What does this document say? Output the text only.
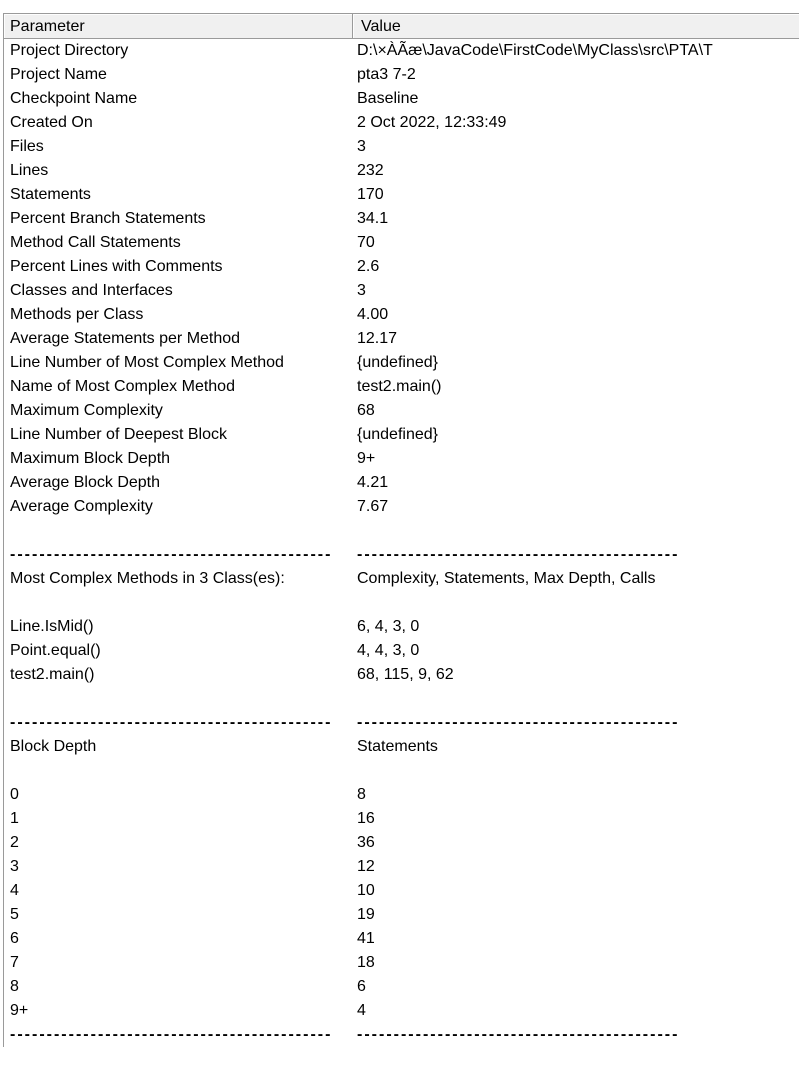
Parameter	Value
Project Directory	D:\×ÀÃæ\JavaCode\FirstCode\MyClass\src\PTA\T
Project Name	pta3 7-2
Checkpoint Name	Baseline
Created On	2 Oct 2022, 12:33:49
Files	3
Lines	232
Statements	170
Percent Branch Statements	34.1
Method Call Statements	70
Percent Lines with Comments	2.6
Classes and Interfaces	3
Methods per Class	4.00
Average Statements per Method	12.17
Line Number of Most Complex Method	{undefined}
Name of Most Complex Method	test2.main()
Maximum Complexity	68
Line Number of Deepest Block	{undefined}
Maximum Block Depth	9+
Average Block Depth	4.21
Average Complexity	7.67
--------------------------------------------	--------------------------------------------
Most Complex Methods in 3 Class(es):	Complexity, Statements, Max Depth, Calls
Line.IsMid()	6, 4, 3, 0
Point.equal()	4, 4, 3, 0
test2.main()	68, 115, 9, 62
--------------------------------------------	--------------------------------------------
Block Depth	Statements
0	8
1	16
2	36
3	12
4	10
5	19
6	41
7	18
8	6
9+	4
--------------------------------------------	--------------------------------------------
